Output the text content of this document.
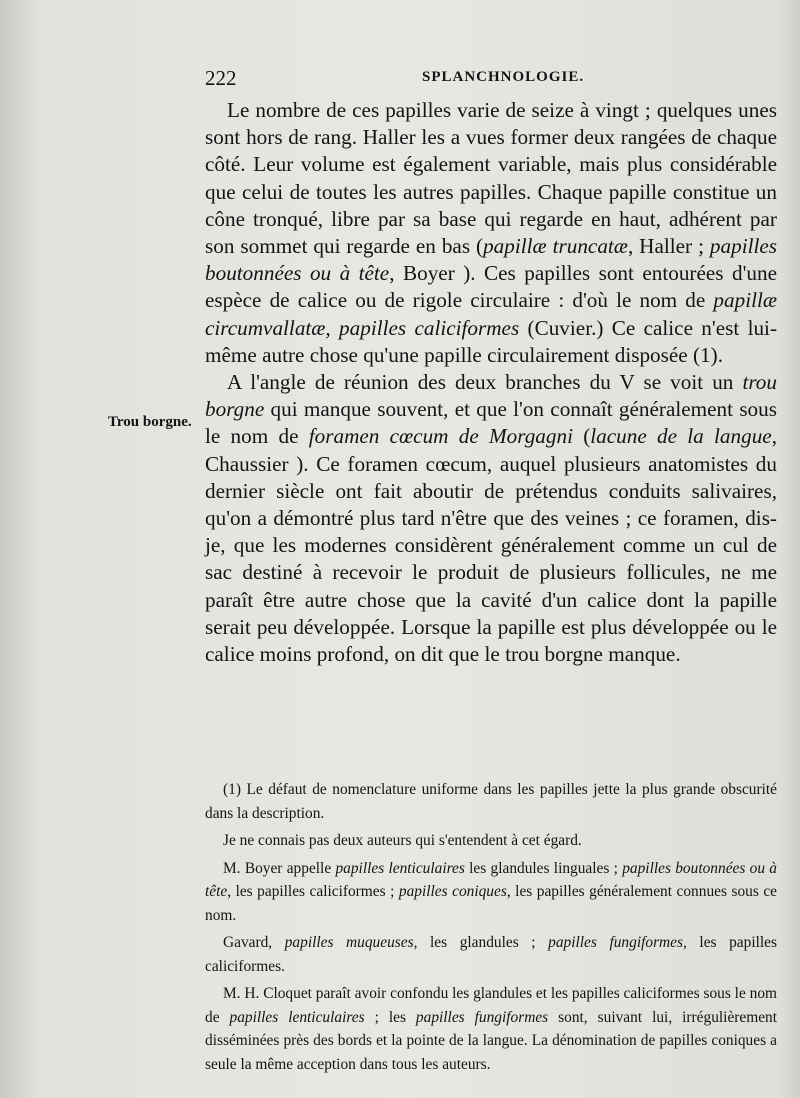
222	SPLANCHNOLOGIE.
Trou borgne.

Le nombre de ces papilles varie de seize à vingt ; quelques unes sont hors de rang. Haller les a vues former deux rangées de chaque côté. Leur volume est également variable, mais plus considérable que celui de toutes les autres papilles. Chaque papille constitue un cône tronqué, libre par sa base qui regarde en haut, adhérent par son sommet qui regarde en bas (papillæ truncatæ, Haller ; papilles boutonnées ou à tête, Boyer ). Ces papilles sont entourées d'une espèce de calice ou de rigole circulaire : d'où le nom de papillæ circumvallatæ, papilles caliciformes (Cuvier.) Ce calice n'est lui-même autre chose qu'une papille circulairement disposée (1).

A l'angle de réunion des deux branches du V se voit un trou borgne qui manque souvent, et que l'on connaît généralement sous le nom de foramen cœcum de Morgagni (lacune de la langue, Chaussier ). Ce foramen cœcum, auquel plusieurs anatomistes du dernier siècle ont fait aboutir de prétendus conduits salivaires, qu'on a démontré plus tard n'être que des veines ; ce foramen, dis-je, que les modernes considèrent généralement comme un cul de sac destiné à recevoir le produit de plusieurs follicules, ne me paraît être autre chose que la cavité d'un calice dont la papille serait peu développée. Lorsque la papille est plus développée ou le calice moins profond, on dit que le trou borgne manque.

(1) Le défaut de nomenclature uniforme dans les papilles jette la plus grande obscurité dans la description.

Je ne connais pas deux auteurs qui s'entendent à cet égard.

M. Boyer appelle papilles lenticulaires les glandules linguales ; papilles boutonnées ou à tête, les papilles caliciformes ; papilles coniques, les papilles généralement connues sous ce nom.

Gavard, papilles muqueuses, les glandules ; papilles fungiformes, les papilles caliciformes.

M. H. Cloquet paraît avoir confondu les glandules et les papilles caliciformes sous le nom de papilles lenticulaires ; les papilles fungiformes sont, suivant lui, irrégulièrement disséminées près des bords et la pointe de la langue. La dénomination de papilles coniques a seule la même acception dans tous les auteurs.
